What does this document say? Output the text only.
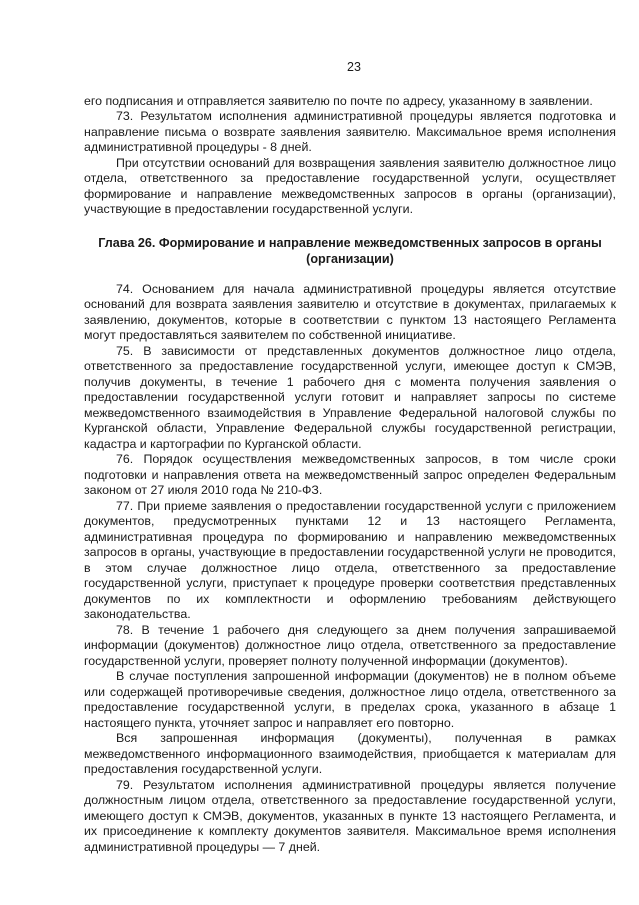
23

его подписания и отправляется заявителю по почте по адресу, указанному в заявлении.

73. Результатом исполнения административной процедуры является подготовка и направление письма о возврате заявления заявителю. Максимальное время исполнения административной процедуры - 8 дней.

При отсутствии оснований для возвращения заявления заявителю должностное лицо отдела, ответственного за предоставление государственной услуги, осуществляет формирование и направление межведомственных запросов в органы (организации), участвующие в предоставлении государственной услуги.

Глава 26. Формирование и направление межведомственных запросов в органы (организации)

74. Основанием для начала административной процедуры является отсутствие оснований для возврата заявления заявителю и отсутствие в документах, прилагаемых к заявлению, документов, которые в соответствии с пунктом 13 настоящего Регламента могут предоставляться заявителем по собственной инициативе.

75. В зависимости от представленных документов должностное лицо отдела, ответственного за предоставление государственной услуги, имеющее доступ к СМЭВ, получив документы, в течение 1 рабочего дня с момента получения заявления о предоставлении государственной услуги готовит и направляет запросы по системе межведомственного взаимодействия в Управление Федеральной налоговой службы по Курганской области, Управление Федеральной службы государственной регистрации, кадастра и картографии по Курганской области.

76. Порядок осуществления межведомственных запросов, в том числе сроки подготовки и направления ответа на межведомственный запрос определен Федеральным законом от 27 июля 2010 года № 210-ФЗ.

77. При приеме заявления о предоставлении государственной услуги с приложением документов, предусмотренных пунктами 12 и 13 настоящего Регламента, административная процедура по формированию и направлению межведомственных запросов в органы, участвующие в предоставлении государственной услуги не проводится, в этом случае должностное лицо отдела, ответственного за предоставление государственной услуги, приступает к процедуре проверки соответствия представленных документов по их комплектности и оформлению требованиям действующего законодательства.

78. В течение 1 рабочего дня следующего за днем получения запрашиваемой информации (документов) должностное лицо отдела, ответственного за предоставление государственной услуги, проверяет полноту полученной информации (документов).

В случае поступления запрошенной информации (документов) не в полном объеме или содержащей противоречивые сведения, должностное лицо отдела, ответственного за предоставление государственной услуги, в пределах срока, указанного в абзаце 1 настоящего пункта, уточняет запрос и направляет его повторно.

Вся запрошенная информация (документы), полученная в рамках межведомственного информационного взаимодействия, приобщается к материалам для предоставления государственной услуги.

79. Результатом исполнения административной процедуры является получение должностным лицом отдела, ответственного за предоставление государственной услуги, имеющего доступ к СМЭВ, документов, указанных в пункте 13 настоящего Регламента, и их присоединение к комплекту документов заявителя. Максимальное время исполнения административной процедуры — 7 дней.
